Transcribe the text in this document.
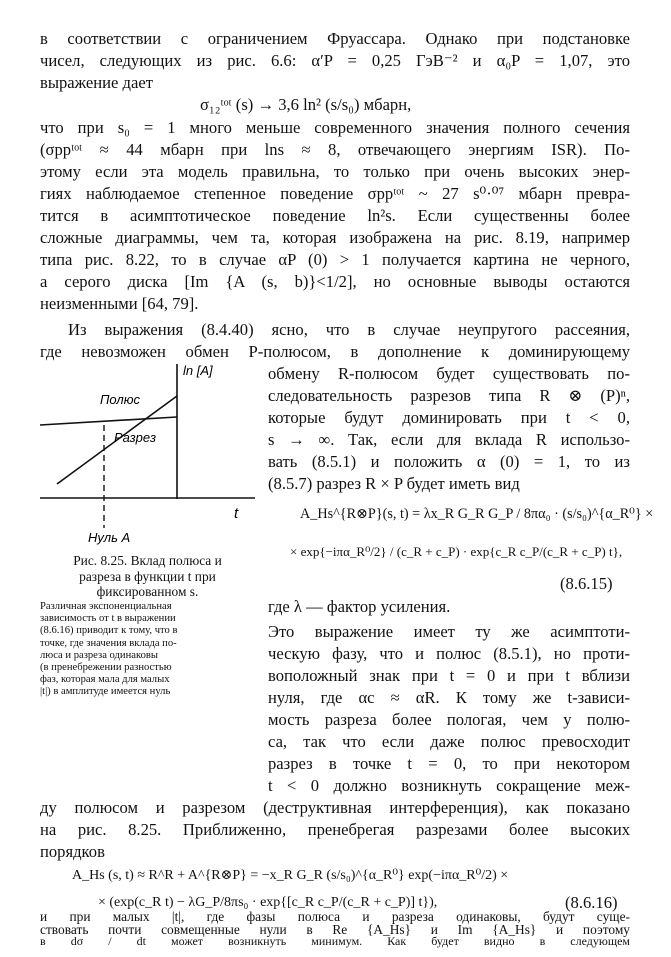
в соответствии с ограничением Фруассара. Однако при подстановке
чисел, следующих из рис. 6.6: α′P = 0,25 ГэВ⁻² и α₀P = 1,07, это
выражение дает
σ₁₂ᵗᵒᵗ (s) → 3,6 ln² (s/s₀) мбарн,
что при s₀ = 1 много меньше современного значения полного сечения
(σppᵗᵒᵗ ≈ 44 мбарн при lns ≈ 8, отвечающего энергиям ISR). По-
этому если эта модель правильна, то только при очень высоких энер-
гиях наблюдаемое степенное поведение σppᵗᵒᵗ ~ 27 s⁰·⁰⁷ мбарн превра-
тится в асимптотическое поведение ln²s. Если существенны более
сложные диаграммы, чем та, которая изображена на рис. 8.19, например
типа рис. 8.22, то в случае αP (0) > 1 получается картина не черного,
а серого диска [Im {A (s, b)}<1/2], но основные выводы остаются
неизменными [64, 79].
Из выражения (8.4.40) ясно, что в случае неупругого рассеяния,
где невозможен обмен P-полюсом, в дополнение к доминирующему
ln [A]
t
Полюс
Разрез
Нуль A
Рис. 8.25. Вклад полюса и
разреза в функции t при
фиксированном s.
Различная экспоненциальная
зависимость от t в выражении
(8.6.16) приводит к тому, что в
точке, где значения вклада по-
люса и разреза одинаковы
(в пренебрежении разностью
фаз, которая мала для малых
|t|) в амплитуде имеется нуль
обмену R-полюсом будет существовать по-
следовательность разрезов типа R ⊗ (P)ⁿ,
которые будут доминировать при t < 0,
s → ∞. Так, если для вклада R использо-
вать (8.5.1) и положить α (0) = 1, то из
(8.5.7) разрез R × P будет иметь вид
A_Hs^{R⊗P}(s, t) = λx_R G_R G_P / 8πα₀ · (s/s₀)^{α_R⁰} ×
× exp{−iπα_R⁰/2} / (c_R + c_P) · exp{c_R c_P/(c_R + c_P) t},
(8.6.15)
где λ — фактор усиления.
Это выражение имеет ту же асимптоти-
ческую фазу, что и полюс (8.5.1), но проти-
воположный знак при t = 0 и при t вблизи
нуля, где αc ≈ αR. К тому же t-зависи-
мость разреза более пологая, чем у полю-
са, так что если даже полюс превосходит
разрез в точке t = 0, то при некотором
t < 0 должно возникнуть сокращение меж-
ду полюсом и разрезом (деструктивная интерференция), как показано
на рис. 8.25. Приближенно, пренебрегая разрезами более высоких
порядков
A_Hs (s, t) ≈ R^R + A^{R⊗P} = −x_R G_R (s/s₀)^{α_R⁰} exp(−iπα_R⁰/2) ×
× (exp(c_R t) − λG_P/8πs₀ · exp{[c_R c_P/(c_R + c_P)] t}),	(8.6.16)
и при малых |t|, где фазы полюса и разреза одинаковы, будут суще-
ствовать почти совмещенные нули в Re {A_Hs} и Im {A_Hs} и поэтому
в dσ / dt может возникнуть минимум. Как будет видно в следующем
